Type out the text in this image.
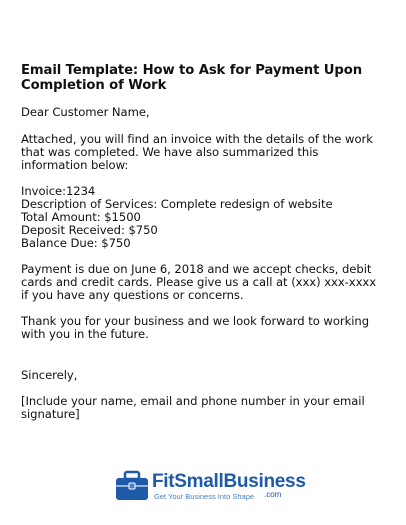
Email Template: How to Ask for Payment Upon
Completion of Work

Dear Customer Name,

Attached, you will find an invoice with the details of the work
that was completed. We have also summarized this
information below:

Invoice:1234
Description of Services: Complete redesign of website
Total Amount: $1500
Deposit Received: $750
Balance Due: $750

Payment is due on June 6, 2018 and we accept checks, debit
cards and credit cards. Please give us a call at (xxx) xxx-xxxx
if you have any questions or concerns.

Thank you for your business and we look forward to working
with you in the future.

Sincerely,

[Include your name, email and phone number in your email
signature]

FitSmallBusiness
Get Your Business Into Shape .com
